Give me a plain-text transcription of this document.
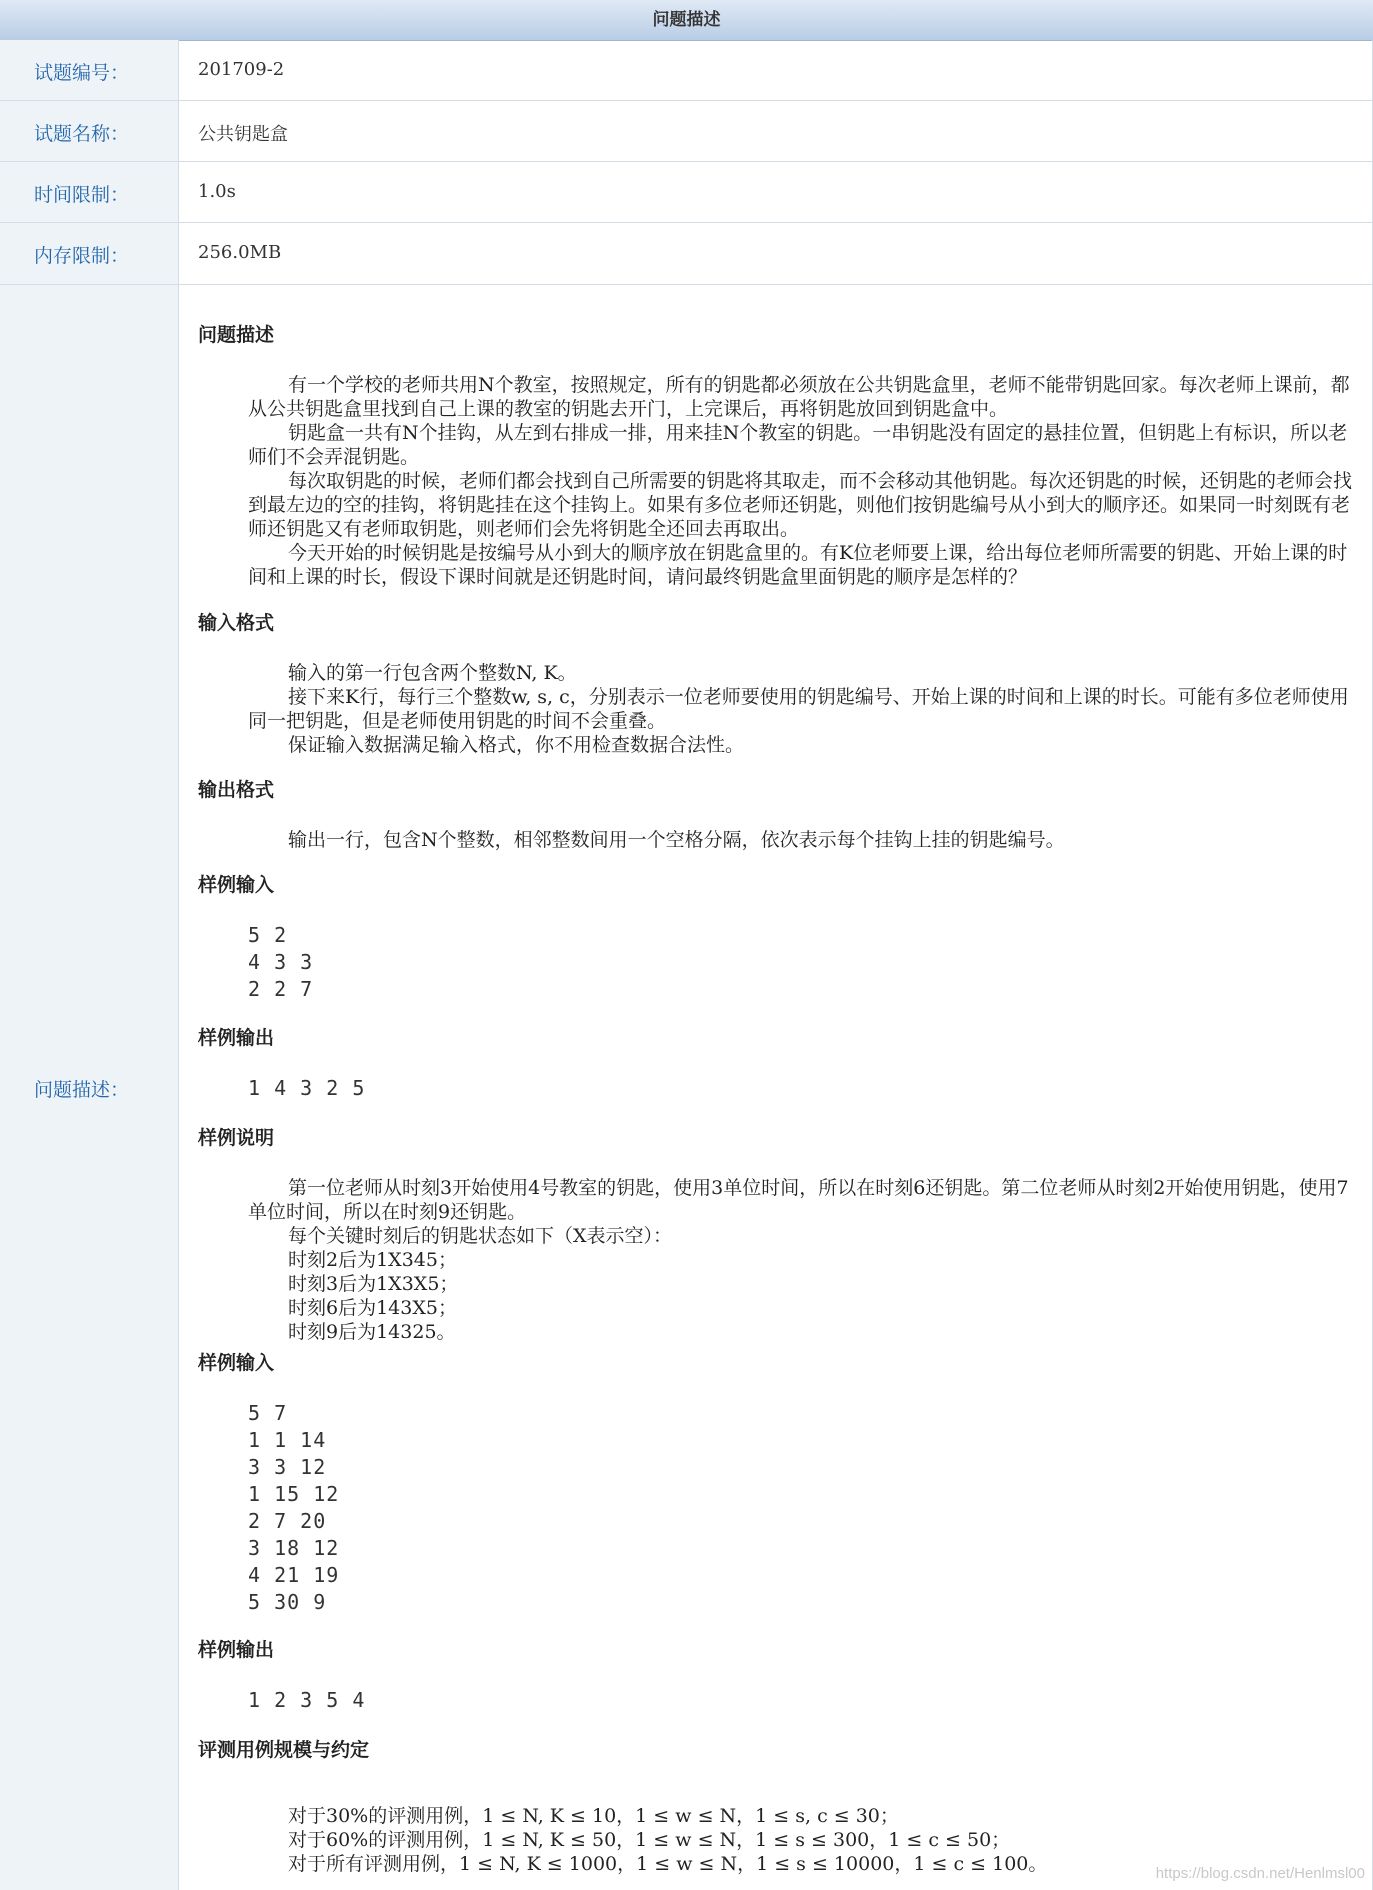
问题描述
试题编号：	201709-2
试题名称：	公共钥匙盒
时间限制：	1.0s
内存限制：	256.0MB
问题描述：
问题描述

有一个学校的老师共用N个教室，按照规定，所有的钥匙都必须放在公共钥匙盒里，老师不能带钥匙回家。每次老师上课前，都从公共钥匙盒里找到自己上课的教室的钥匙去开门，上完课后，再将钥匙放回到钥匙盒中。

钥匙盒一共有N个挂钩，从左到右排成一排，用来挂N个教室的钥匙。一串钥匙没有固定的悬挂位置，但钥匙上有标识，所以老师们不会弄混钥匙。

每次取钥匙的时候，老师们都会找到自己所需要的钥匙将其取走，而不会移动其他钥匙。每次还钥匙的时候，还钥匙的老师会找到最左边的空的挂钩，将钥匙挂在这个挂钩上。如果有多位老师还钥匙，则他们按钥匙编号从小到大的顺序还。如果同一时刻既有老师还钥匙又有老师取钥匙，则老师们会先将钥匙全还回去再取出。

今天开始的时候钥匙是按编号从小到大的顺序放在钥匙盒里的。有K位老师要上课，给出每位老师所需要的钥匙、开始上课的时间和上课的时长，假设下课时间就是还钥匙时间，请问最终钥匙盒里面钥匙的顺序是怎样的？

输入格式

输入的第一行包含两个整数N, K。

接下来K行，每行三个整数w, s, c，分别表示一位老师要使用的钥匙编号、开始上课的时间和上课的时长。可能有多位老师使用同一把钥匙，但是老师使用钥匙的时间不会重叠。

保证输入数据满足输入格式，你不用检查数据合法性。

输出格式

输出一行，包含N个整数，相邻整数间用一个空格分隔，依次表示每个挂钩上挂的钥匙编号。

样例输入
5 2
4 3 3
2 2 7
样例输出
1 4 3 2 5
样例说明

第一位老师从时刻3开始使用4号教室的钥匙，使用3单位时间，所以在时刻6还钥匙。第二位老师从时刻2开始使用钥匙，使用7单位时间，所以在时刻9还钥匙。

每个关键时刻后的钥匙状态如下（X表示空）：
时刻2后为1X345；
时刻3后为1X3X5；
时刻6后为143X5；
时刻9后为14325。
样例输入
5 7
1 1 14
3 3 12
1 15 12
2 7 20
3 18 12
4 21 19
5 30 9
样例输出
1 2 3 5 4
评测用例规模与约定
对于30%的评测用例，1 ≤ N, K ≤ 10，1 ≤ w ≤ N，1 ≤ s, c ≤ 30；
对于60%的评测用例，1 ≤ N, K ≤ 50，1 ≤ w ≤ N，1 ≤ s ≤ 300，1 ≤ c ≤ 50；
对于所有评测用例，1 ≤ N, K ≤ 1000，1 ≤ w ≤ N，1 ≤ s ≤ 10000，1 ≤ c ≤ 100。	https://blog.csdn.net/Henlmsl00
